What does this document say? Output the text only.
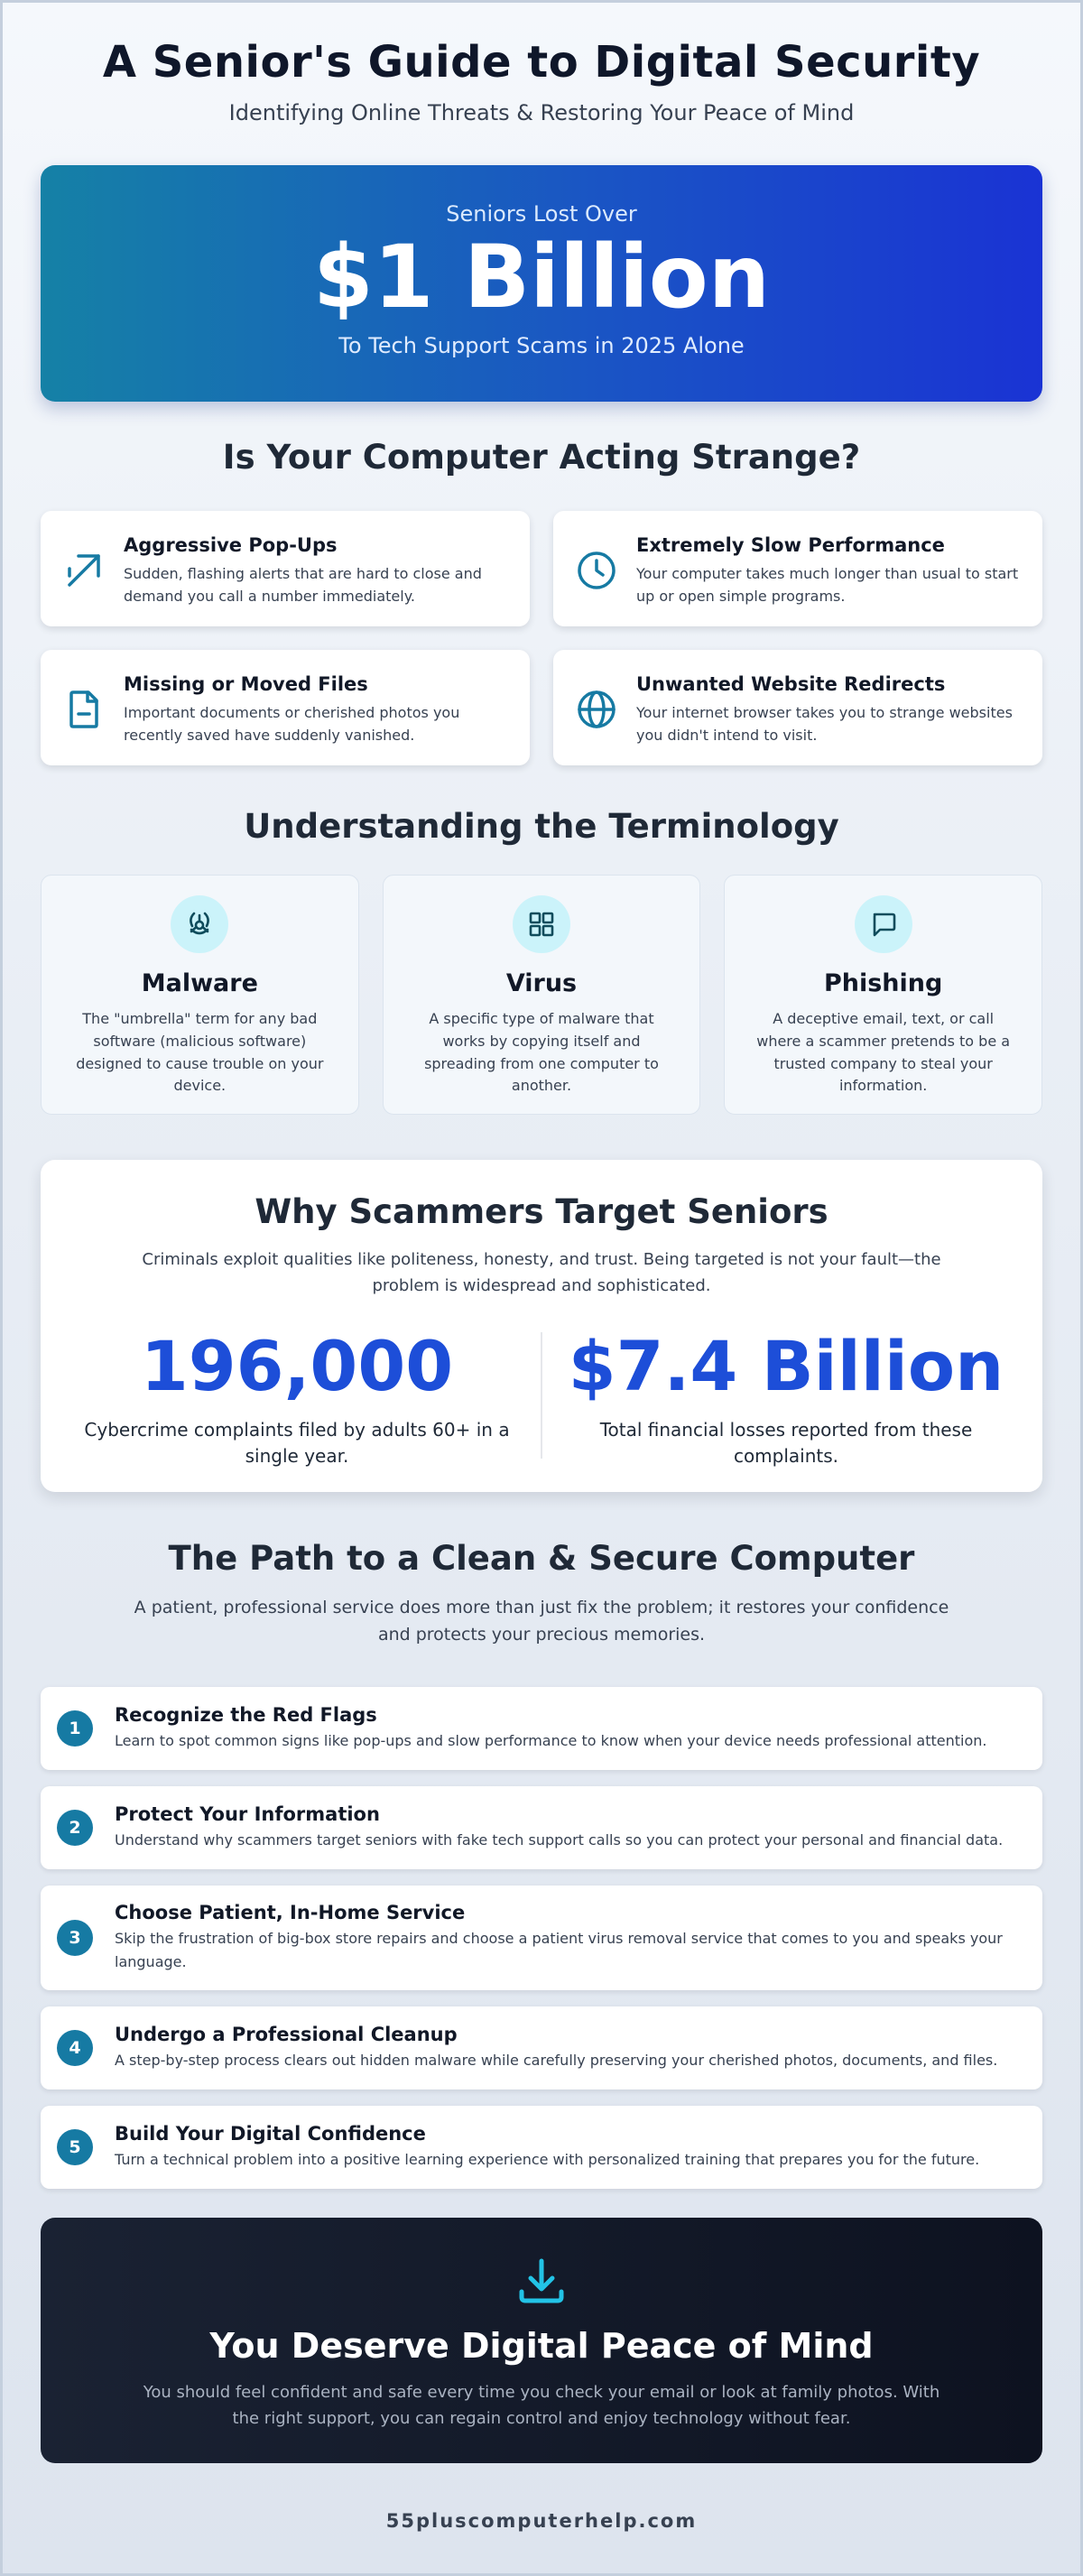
A Senior's Guide to Digital Security

Identifying Online Threats & Restoring Your Peace of Mind

Seniors Lost Over
$1 Billion
To Tech Support Scams in 2025 Alone
Is Your Computer Acting Strange?
Aggressive Pop-Ups

Sudden, flashing alerts that are hard to close and demand you call a number immediately.

Extremely Slow Performance

Your computer takes much longer than usual to start up or open simple programs.

Missing or Moved Files

Important documents or cherished photos you recently saved have suddenly vanished.

Unwanted Website Redirects

Your internet browser takes you to strange websites you didn't intend to visit.

Understanding the Terminology
Malware

The "umbrella" term for any bad software (malicious software) designed to cause trouble on your device.

Virus

A specific type of malware that works by copying itself and spreading from one computer to another.

Phishing

A deceptive email, text, or call where a scammer pretends to be a trusted company to steal your information.

Why Scammers Target Seniors

Criminals exploit qualities like politeness, honesty, and trust. Being targeted is not your fault—the problem is widespread and sophisticated.

196,000
Cybercrime complaints filed by adults 60+ in a single year.
$7.4 Billion
Total financial losses reported from these complaints.
The Path to a Clean & Secure Computer

A patient, professional service does more than just fix the problem; it restores your confidence and protects your precious memories.

1
Recognize the Red Flags

Learn to spot common signs like pop-ups and slow performance to know when your device needs professional attention.

2
Protect Your Information

Understand why scammers target seniors with fake tech support calls so you can protect your personal and financial data.

3
Choose Patient, In-Home Service

Skip the frustration of big-box store repairs and choose a patient virus removal service that comes to you and speaks your language.

4
Undergo a Professional Cleanup

A step-by-step process clears out hidden malware while carefully preserving your cherished photos, documents, and files.

5
Build Your Digital Confidence

Turn a technical problem into a positive learning experience with personalized training that prepares you for the future.

You Deserve Digital Peace of Mind

You should feel confident and safe every time you check your email or look at family photos. With the right support, you can regain control and enjoy technology without fear.

55pluscomputerhelp.com
